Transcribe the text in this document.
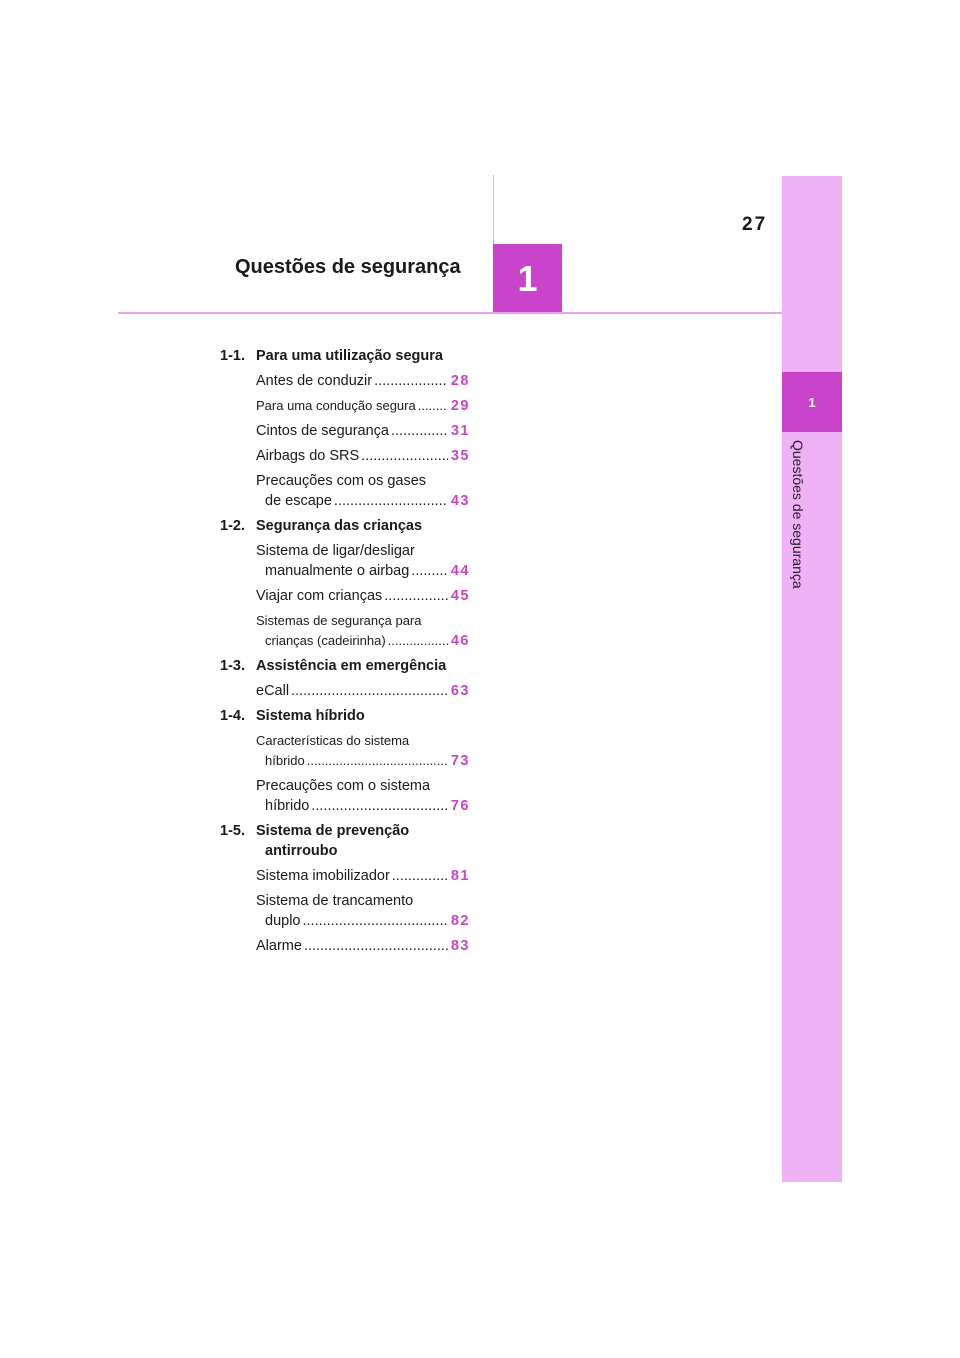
27
Questões de segurança	1
1
Questões de segurança
1-1. Para uma utilização segura
Antes de conduzir .....	28
Para uma condução segura ..... 29
Cintos de segurança .....	31
Airbags do SRS .....	35
Precauções com os gases
de escape .....	43
1-2. Segurança das crianças
Sistema de ligar/desligar
manualmente o airbag .....	44
Viajar com crianças .....	45
Sistemas de segurança para
crianças (cadeirinha) .....	46
1-3. Assistência em emergência
eCall .....	63
1-4. Sistema híbrido
Características do sistema
híbrido .....	73
Precauções com o sistema
híbrido .....	76
1-5. Sistema de prevenção
antirroubo
Sistema imobilizador .....	81
Sistema de trancamento
duplo .....	82
Alarme .....	83
